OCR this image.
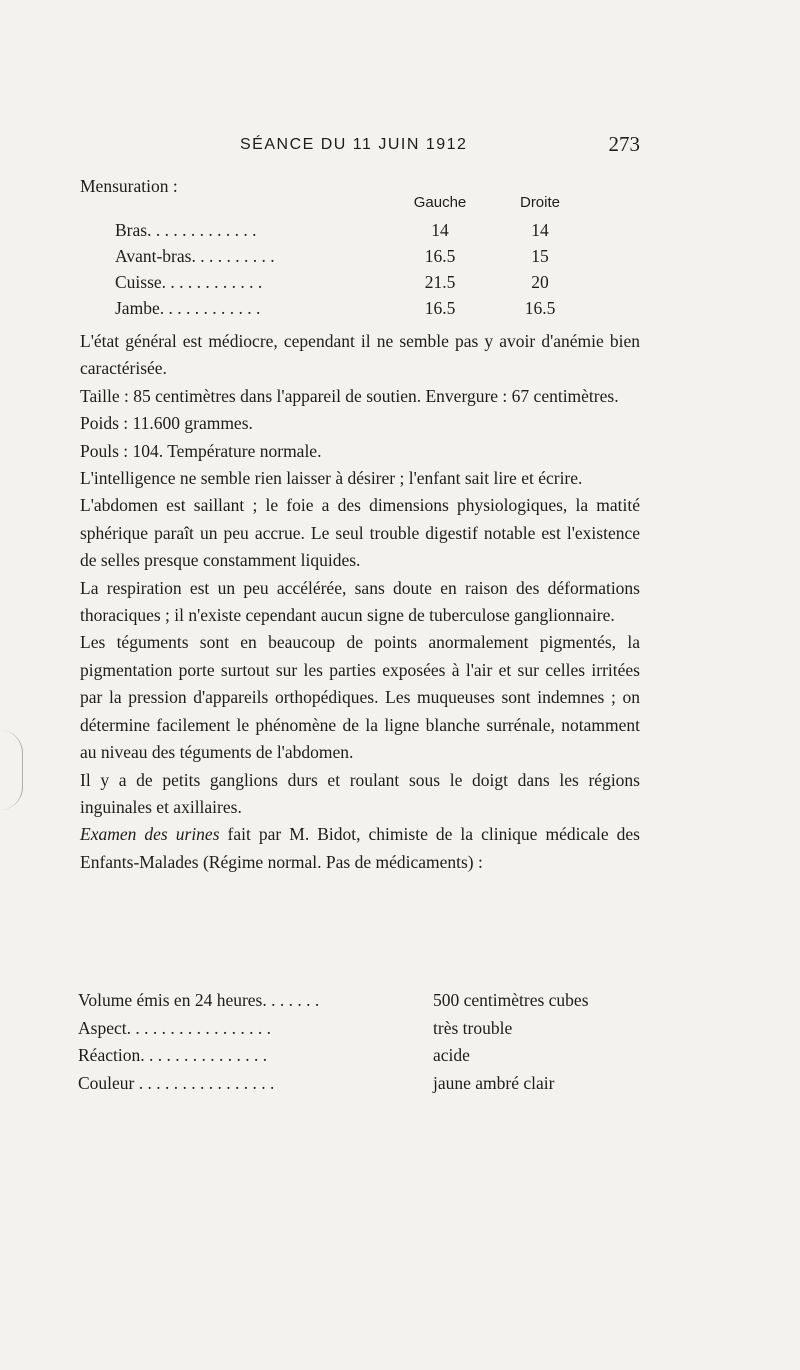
SÉANCE DU 11 JUIN 1912	273
Mensuration :
Gauche	Droite
Bras. . . . . . . . . . . . .	14	14
Avant-bras. . . . . . . . . .	16.5	15
Cuisse. . . . . . . . . . . .	21.5	20
Jambe. . . . . . . . . . . .	16.5	16.5

L'état général est médiocre, cependant il ne semble pas y avoir d'anémie bien caractérisée.

Taille : 85 centimètres dans l'appareil de soutien. Envergure : 67 centimètres.

Poids : 11.600 grammes.

Pouls : 104. Température normale.

L'intelligence ne semble rien laisser à désirer ; l'enfant sait lire et écrire.

L'abdomen est saillant ; le foie a des dimensions physiologiques, la matité sphérique paraît un peu accrue. Le seul trouble digestif notable est l'existence de selles presque constamment liquides.

La respiration est un peu accélérée, sans doute en raison des déformations thoraciques ; il n'existe cependant aucun signe de tuberculose ganglionnaire.

Les téguments sont en beaucoup de points anormalement pigmentés, la pigmentation porte surtout sur les parties exposées à l'air et sur celles irritées par la pression d'appareils orthopédiques. Les muqueuses sont indemnes ; on détermine facilement le phénomène de la ligne blanche surrénale, notamment au niveau des téguments de l'abdomen.

Il y a de petits ganglions durs et roulant sous le doigt dans les régions inguinales et axillaires.

Examen des urines fait par M. Bidot, chimiste de la clinique médicale des Enfants-Malades (Régime normal. Pas de médicaments) :

Volume émis en 24 heures. . . . . . .	500 centimètres cubes
Aspect. . . . . . . . . . . . . . . . .	très trouble
Réaction. . . . . . . . . . . . . . .	acide
Couleur . . . . . . . . . . . . . . . .	jaune ambré clair
